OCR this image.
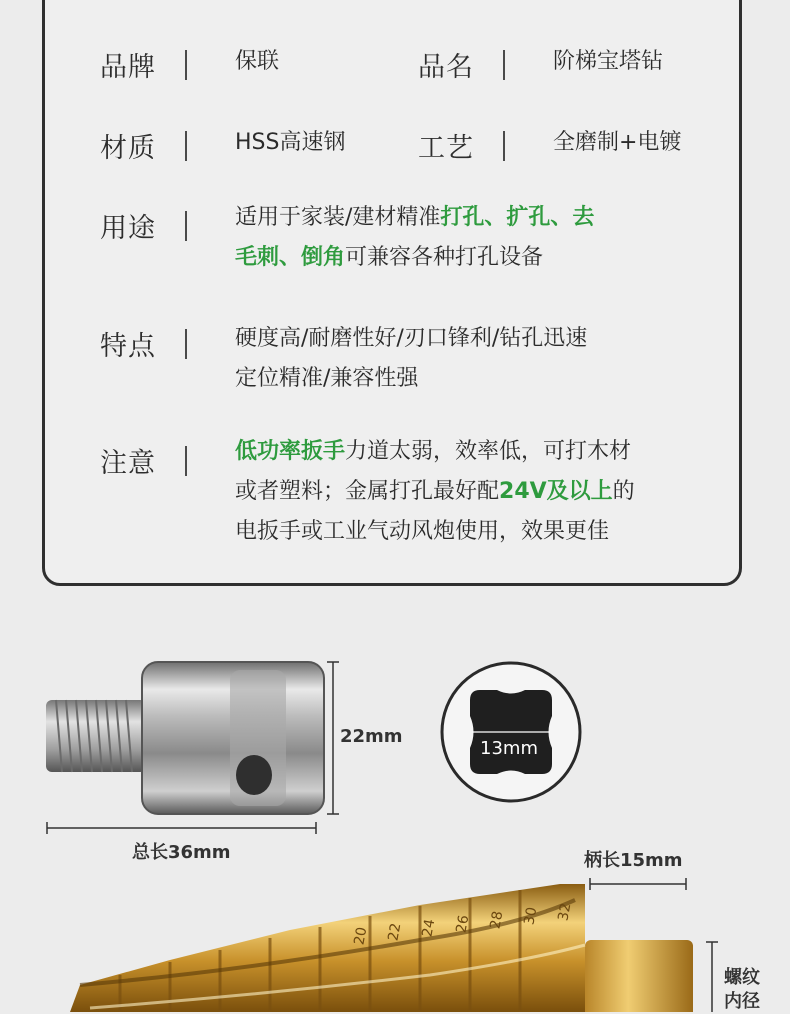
品牌	保联	品名	阶梯宝塔钻
材质	HSS高速钢	工艺	全磨制+电镀
用途	适用于家装/建材精准打孔、扩孔、去
毛刺、倒角可兼容各种打孔设备
特点	硬度高/耐磨性好/刃口锋利/钻孔迅速
定位精准/兼容性强
注意	低功率扳手力道太弱，效率低，可打木材
或者塑料；金属打孔最好配24V及以上的
电扳手或工业气动风炮使用，效果更佳
20 22 24 26 28 30 32
22mm
13mm
总长36mm	柄长15mm
螺纹
内径
